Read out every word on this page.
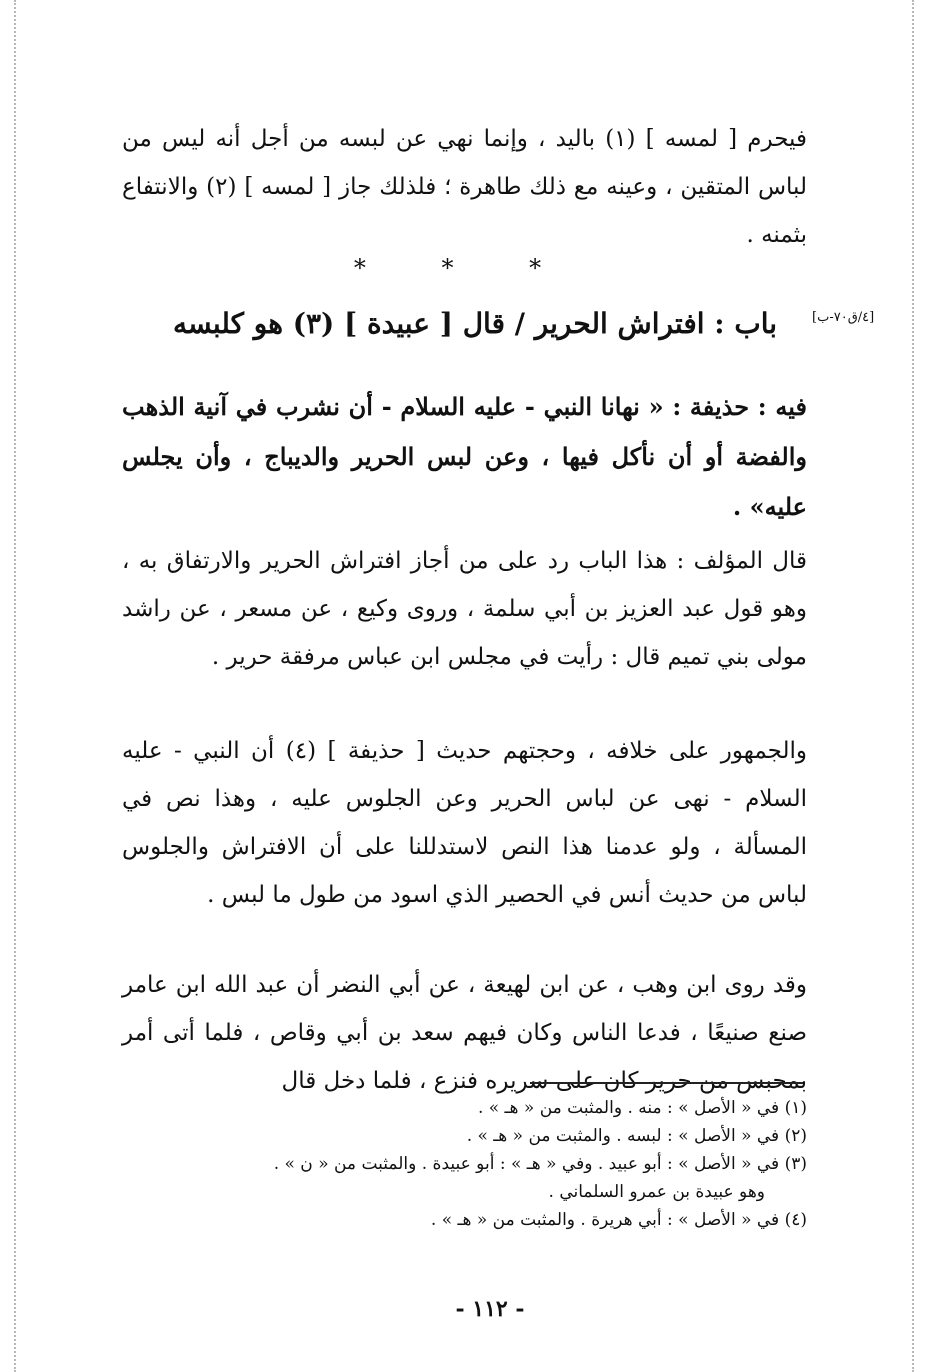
فيحرم [ لمسه ] (١) باليد ، وإنما نهي عن لبسه من أجل أنه ليس من لباس المتقين ، وعينه مع ذلك طاهرة ؛ فلذلك جاز [ لمسه ] (٢) والانتفاع بثمنه .

* * *
باب : افتراش الحرير / قال [ عبيدة ] (٣) هو كلبسه	[٤/ق٧٠-ب]

فيه : حذيفة : « نهانا النبي - عليه السلام - أن نشرب في آنية الذهب والفضة أو أن نأكل فيها ، وعن لبس الحرير والديباج ، وأن يجلس عليه» .

قال المؤلف : هذا الباب رد على من أجاز افتراش الحرير والارتفاق به ، وهو قول عبد العزيز بن أبي سلمة ، وروى وكيع ، عن مسعر ، عن راشد مولى بني تميم قال : رأيت في مجلس ابن عباس مرفقة حرير .

والجمهور على خلافه ، وحجتهم حديث [ حذيفة ] (٤) أن النبي - عليه السلام - نهى عن لباس الحرير وعن الجلوس عليه ، وهذا نص في المسألة ، ولو عدمنا هذا النص لاستدللنا على أن الافتراش والجلوس لباس من حديث أنس في الحصير الذي اسود من طول ما لبس .

وقد روى ابن وهب ، عن ابن لهيعة ، عن أبي النضر أن عبد الله ابن عامر صنع صنيعًا ، فدعا الناس وكان فيهم سعد بن أبي وقاص ، فلما أتى أمر بمحبس من حرير كان على سريره فنزع ، فلما دخل قال

(١) في « الأصل » : منه . والمثبت من « هـ » .

(٢) في « الأصل » : لبسه . والمثبت من « هـ » .

(٣) في « الأصل » : أبو عبيد . وفي « هـ » : أبو عبيدة . والمثبت من « ن » .

وهو عبيدة بن عمرو السلماني .

(٤) في « الأصل » : أبي هريرة . والمثبت من « هـ » .

- ١١٢ -
